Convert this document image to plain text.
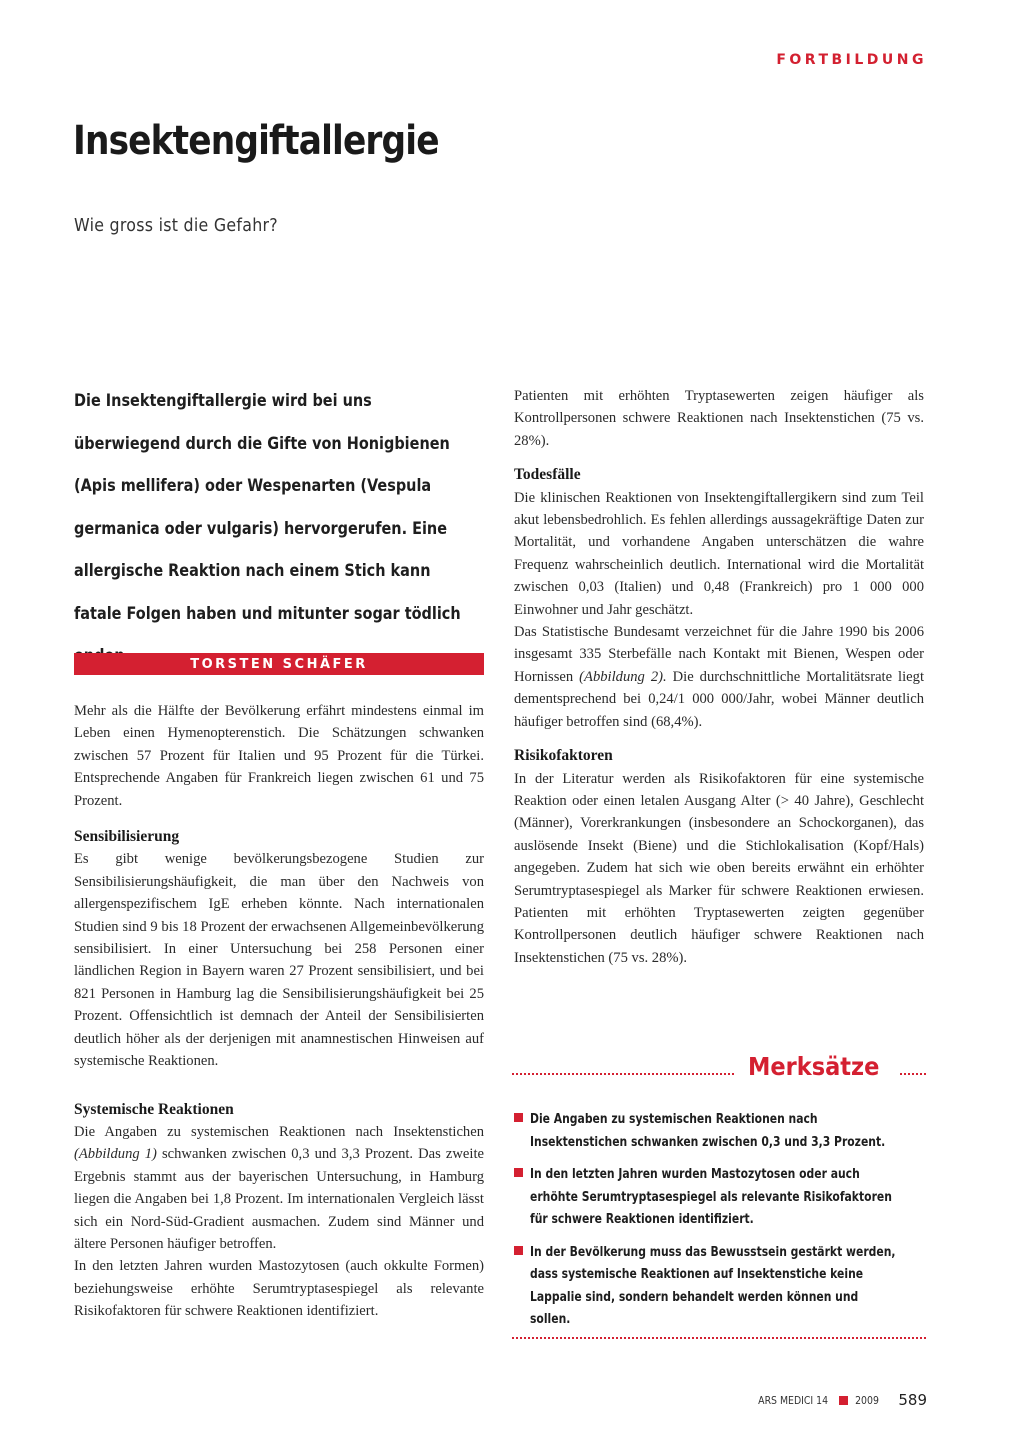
FORTBILDUNG
Insektengiftallergie
Wie gross ist die Gefahr?
Die Insektengiftallergie wird bei uns überwiegend durch die Gifte von Honigbienen (Apis mellifera) oder Wespenarten (Vespula germanica oder vulgaris) hervorgerufen. Eine allergische Reaktion nach einem Stich kann fatale Folgen haben und mitunter sogar tödlich
TORSTEN SCHÄFER

Mehr als die Hälfte der Bevölkerung erfährt mindestens einmal im Leben einen Hymenopterenstich. Die Schätzungen schwanken zwischen 57 Prozent für Italien und 95 Prozent für die Türkei. Entsprechende Angaben für Frankreich liegen zwischen 61 und 75 Prozent.

Sensibilisierung

Es gibt wenige bevölkerungsbezogene Studien zur Sensibilisierungshäufigkeit, die man über den Nachweis von allergenspezifischem IgE erheben könnte. Nach internationalen Studien sind 9 bis 18 Prozent der erwachsenen Allgemeinbevölkerung sensibilisiert. In einer Untersuchung bei 258 Personen einer ländlichen Region in Bayern waren 27 Prozent sensibilisiert, und bei 821 Personen in Hamburg lag die Sensibilisierungshäufigkeit bei 25 Prozent. Offensichtlich ist demnach der Anteil der Sensibilisierten deutlich höher als der derjenigen mit anamnestischen Hinweisen auf systemische Reaktionen.

Systemische Reaktionen

Die Angaben zu systemischen Reaktionen nach Insektenstichen (Abbildung 1) schwanken zwischen 0,3 und 3,3 Prozent. Das zweite Ergebnis stammt aus der bayerischen Untersuchung, in Hamburg liegen die Angaben bei 1,8 Prozent. Im internationalen Vergleich lässt sich ein Nord-Süd-Gradient ausmachen. Zudem sind Männer und ältere Personen häufiger betroffen.

In den letzten Jahren wurden Mastozytosen (auch okkulte Formen) beziehungsweise erhöhte Serumtryptasespiegel als relevante Risikofaktoren für schwere Reaktionen identifiziert.

Patienten mit erhöhten Tryptasewerten zeigen häufiger als Kontrollpersonen schwere Reaktionen nach Insektenstichen (75 vs. 28%).

Todesfälle

Die klinischen Reaktionen von Insektengiftallergikern sind zum Teil akut lebensbedrohlich. Es fehlen allerdings aussagekräftige Daten zur Mortalität, und vorhandene Angaben unterschätzen die wahre Frequenz wahrscheinlich deutlich. International wird die Mortalität zwischen 0,03 (Italien) und 0,48 (Frankreich) pro 1 000 000 Einwohner und Jahr geschätzt.

Das Statistische Bundesamt verzeichnet für die Jahre 1990 bis 2006 insgesamt 335 Sterbefälle nach Kontakt mit Bienen, Wespen oder Hornissen (Abbildung 2). Die durchschnittliche Mortalitätsrate liegt dementsprechend bei 0,24/1 000 000/Jahr, wobei Männer deutlich häufiger betroffen sind (68,4%).

Risikofaktoren

In der Literatur werden als Risikofaktoren für eine systemische Reaktion oder einen letalen Ausgang Alter (> 40 Jahre), Geschlecht (Männer), Vorerkrankungen (insbesondere an Schockorganen), das auslösende Insekt (Biene) und die Stichlokalisation (Kopf/Hals) angegeben. Zudem hat sich wie oben bereits erwähnt ein erhöhter Serumtryptasespiegel als Marker für schwere Reaktionen erwiesen. Patienten mit erhöhten Tryptasewerten zeigten gegenüber Kontrollpersonen deutlich häufiger schwere Reaktionen nach Insektenstichen (75 vs. 28%).

Merksätze
Die Angaben zu systemischen Reaktionen nach Insektenstichen schwanken zwischen 0,3 und 3,3 Prozent.
In den letzten Jahren wurden Mastozytosen oder auch erhöhte Serumtryptasespiegel als relevante Risikofaktoren für schwere Reaktionen identifiziert.
In der Bevölkerung muss das Bewusstsein gestärkt werden, dass systemische Reaktionen auf Insektenstiche keine Lappalie sind, sondern behandelt werden können und sollen.
ARS MEDICI 14 2009 589
